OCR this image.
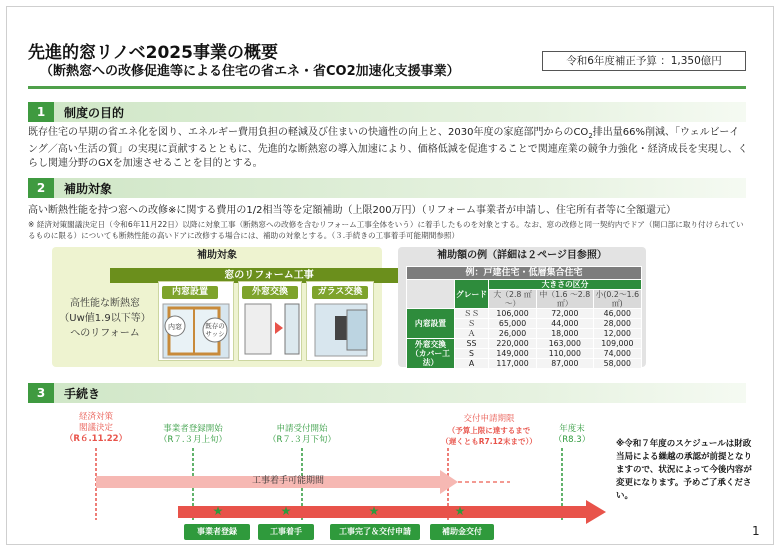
先進的窓リノベ2025事業の概要
（断熱窓への改修促進等による住宅の省エネ・省CO2加速化支援事業）
令和6年度補正予算 ：1,350億円
1	制度の目的
既存住宅の早期の省エネ化を図り、エネルギー費用負担の軽減及び住まいの快適性の向上と、2030年度の家庭部門からの$CO_2$排出量66%削減、「ウェルビーイング／高い生活の質」の実現に貢献するとともに、先進的な断熱窓の導入加速により、価格低減を促進することで関連産業の競争力強化・経済成長を実現し、くらし関連分野のGXを加速させることを目的とする。
2	補助対象
高い断熱性能を持つ窓への改修※に関する費用の1/2相当等を定額補助（上限200万円）（リフォーム事業者が申請し、住宅所有者等に全額還元）
※ 経済対策閣議決定日（令和6年11月22日）以降に対象工事（断熱窓への改修を含むリフォーム工事全体をいう）に着手したものを対象とする。なお、窓の改修と同一契約内でドア（開口部に取り付けられているものに限る）についても断熱性能の高いドアに改修する場合には、補助の対象とする。（３.手続きの工事着手可能期間参照）
補助対象
窓のリフォーム工事
高性能な断熱窓
（Uw値1.9以下等）
へのリフォーム
内窓	既存の
サッシ
内窓設置	外窓交換	ガラス交換
補助額の例（詳細は２ページ目参照）
例：戸建住宅・低層集合住宅				
	グレード	大きさの区分		
		大（2.8 ㎡～）	中（1.6 ～2.8㎡）	小(0.2～1.6㎡)
内窓設置	ＳＳ	106,000	72,000	46,000
	Ｓ	65,000	44,000	28,000
	Ａ	26,000	18,000	12,000

外窓交換
（カバー工法）	SS	220,000	163,000	109,000
	S	149,000	110,000	74,000
	A	117,000	87,000	58,000
3	手続き
経済対策
閣議決定
（R６.11.22）
事業者登録開始
（R７.３月上旬）
申請受付開始
（R７.３月下旬）
交付申請期限
（予算上限に達するまで
（遅くともR7.12末まで））
年度末
（R8.3）
★	★	★	★
工事着手可能期間
事業者登録	工事着手	工事完了＆交付申請	補助金交付
※令和７年度のスケジュールは財政当局による繰越の承認が前提となりますので、状況によって今後内容が変更になります。予めご了承ください。
1
